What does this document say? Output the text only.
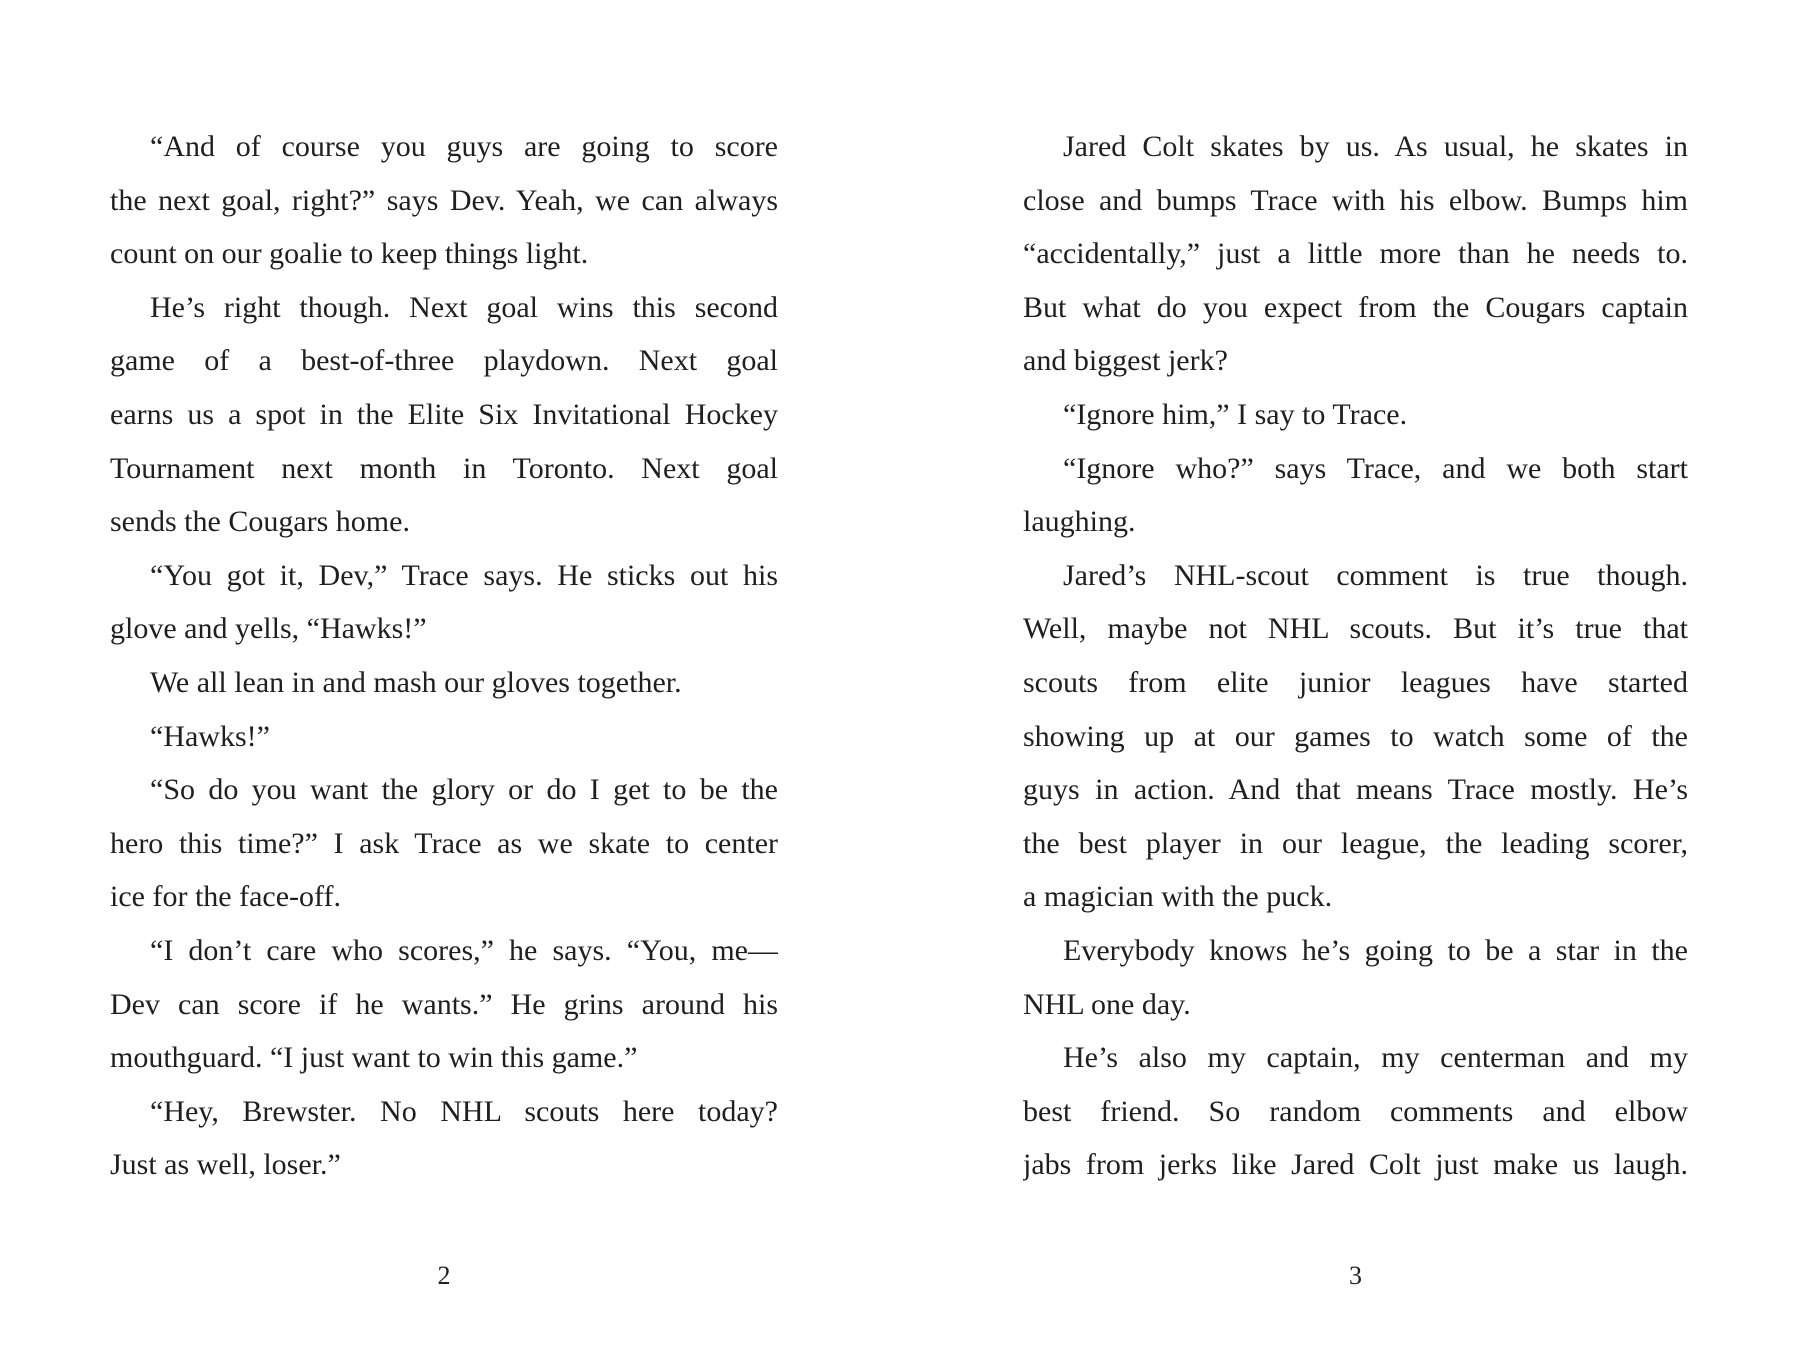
“And of course you guys are going to score
the next goal, right?” says Dev. Yeah, we can always
count on our goalie to keep things light.
He’s right though. Next goal wins this second
game of a best-of-three playdown. Next goal
earns us a spot in the Elite Six Invitational Hockey
Tournament next month in Toronto. Next goal
sends the Cougars home.
“You got it, Dev,” Trace says. He sticks out his
glove and yells, “Hawks!”
We all lean in and mash our gloves together.
“Hawks!”
“So do you want the glory or do I get to be the
hero this time?” I ask Trace as we skate to center
ice for the face-off.
“I don’t care who scores,” he says. “You, me—
Dev can score if he wants.” He grins around his
mouthguard. “I just want to win this game.”
“Hey, Brewster. No NHL scouts here today?
Just as well, loser.”
Jared Colt skates by us. As usual, he skates in
close and bumps Trace with his elbow. Bumps him
“accidentally,” just a little more than he needs to.
But what do you expect from the Cougars captain
and biggest jerk?
“Ignore him,” I say to Trace.
“Ignore who?” says Trace, and we both start
laughing.
Jared’s NHL-scout comment is true though.
Well, maybe not NHL scouts. But it’s true that
scouts from elite junior leagues have started
showing up at our games to watch some of the
guys in action. And that means Trace mostly. He’s
the best player in our league, the leading scorer,
a magician with the puck.
Everybody knows he’s going to be a star in the
NHL one day.
He’s also my captain, my centerman and my
best friend. So random comments and elbow
jabs from jerks like Jared Colt just make us laugh.
2	3
